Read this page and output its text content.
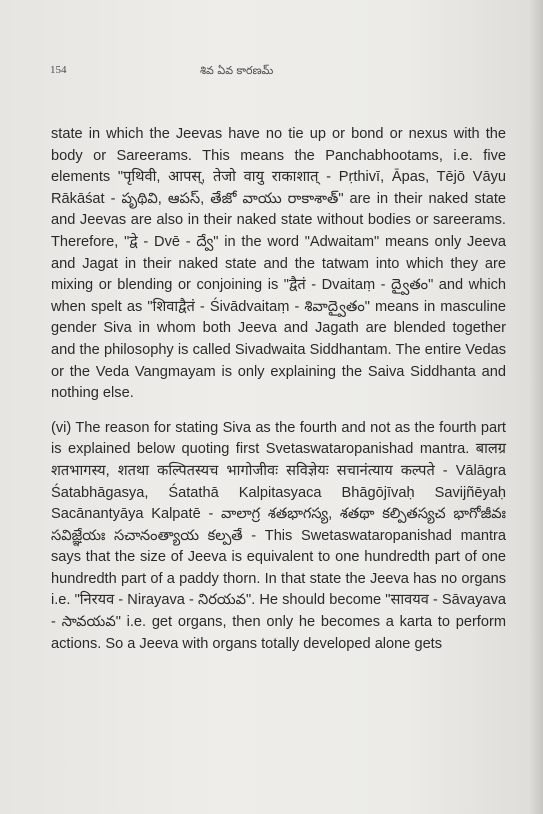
154	శివ ఏవ కారణమ్

state in which the Jeevas have no tie up or bond or nexus with the body or Sareerams. This means the Panchabhootams, i.e. five elements "पृथिवी, आपस्, तेजो वायु राकाशात् - Pṛthivī, Āpas, Tējō Vāyu Rākāśat - పృథివి, ఆపస్, తేజో వాయు రాకాశాత్" are in their naked state and Jeevas are also in their naked state without bodies or sareerams. Therefore, "द्वे - Dvē - ద్వే" in the word "Adwaitam" means only Jeeva and Jagat in their naked state and the tatwam into which they are mixing or blending or conjoining is "द्वैतं - Dvaitaṃ - ద్వైతం" and which when spelt as "शिवाद्वैतं - Śivādvaitaṃ - శివాద్వైతం" means in masculine gender Siva in whom both Jeeva and Jagath are blended together and the philosophy is called Sivadwaita Siddhantam. The entire Vedas or the Veda Vangmayam is only explaining the Saiva Siddhanta and nothing else.

(vi) The reason for stating Siva as the fourth and not as the fourth part is explained below quoting first Svetaswataropanishad mantra. बालग्र शतभागस्य, शतथा कल्पितस्यच भागोजीवः सविज्ञेयः सचानंत्याय कल्पते - Vālāgra Śatabhāgasya, Śatathā Kalpitasyaca Bhāgōjīvaḥ Savijñēyaḥ Sacānantyāya Kalpatē - వాలాగ్ర శతభాగస్య, శతథా కల్పితస్యచ భాగోజీవః సవిజ్ఞేయః సచానంత్యాయ కల్పతే - This Swetaswataropanishad mantra says that the size of Jeeva is equivalent to one hundredth part of one hundredth part of a paddy thorn. In that state the Jeeva has no organs i.e. "निरयव - Nirayava - నిరయవ". He should become "सावयव - Sāvayava - సావయవ" i.e. get organs, then only he becomes a karta to perform actions. So a Jeeva with organs totally developed alone gets
